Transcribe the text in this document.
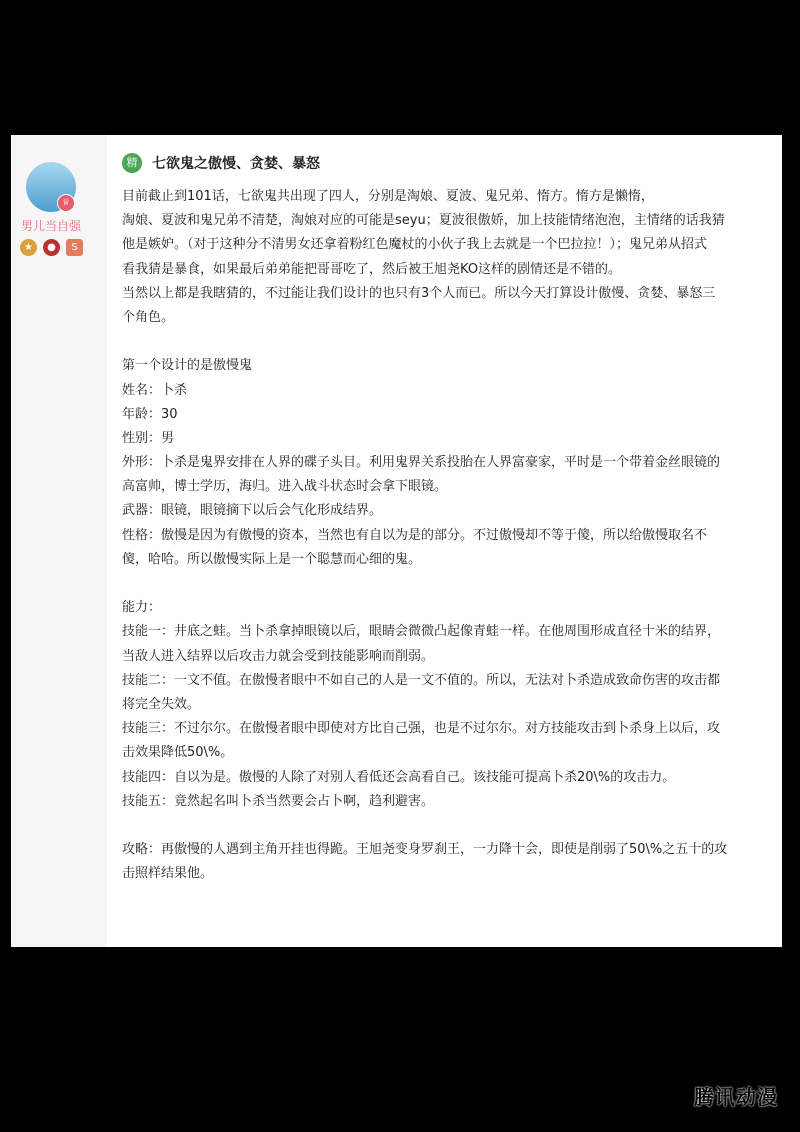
♕
男儿当自强
★	●	S
精	七欲鬼之傲慢、贪婪、暴怒
目前截止到101话，七欲鬼共出现了四人，分别是淘娘、夏波、鬼兄弟、惰方。惰方是懒惰，
淘娘、夏波和鬼兄弟不清楚，淘娘对应的可能是seyu；夏波很傲娇，加上技能情绪泡泡，主情绪的话我猜
他是嫉妒。（对于这种分不清男女还拿着粉红色魔杖的小伙子我上去就是一个巴拉拉！）；鬼兄弟从招式
看我猜是暴食，如果最后弟弟能把哥哥吃了，然后被王旭尧KO这样的剧情还是不错的。
当然以上都是我瞎猜的，不过能让我们设计的也只有3个人而已。所以今天打算设计傲慢、贪婪、暴怒三
个角色。
第一个设计的是傲慢鬼
姓名：卜杀
年龄：30
性别：男
外形：卜杀是鬼界安排在人界的碟子头目。利用鬼界关系投胎在人界富豪家，平时是一个带着金丝眼镜的
高富帅，博士学历，海归。进入战斗状态时会拿下眼镜。
武器：眼镜，眼镜摘下以后会气化形成结界。
性格：傲慢是因为有傲慢的资本，当然也有自以为是的部分。不过傲慢却不等于傻，所以给傲慢取名不
傻，哈哈。所以傲慢实际上是一个聪慧而心细的鬼。
能力：
技能一：井底之蛙。当卜杀拿掉眼镜以后，眼睛会微微凸起像青蛙一样。在他周围形成直径十米的结界，
当敌人进入结界以后攻击力就会受到技能影响而削弱。
技能二：一文不值。在傲慢者眼中不如自己的人是一文不值的。所以，无法对卜杀造成致命伤害的攻击都
将完全失效。
技能三：不过尔尔。在傲慢者眼中即使对方比自己强，也是不过尔尔。对方技能攻击到卜杀身上以后，攻
击效果降低50\%。
技能四：自以为是。傲慢的人除了对别人看低还会高看自己。该技能可提高卜杀20\%的攻击力。
技能五：竟然起名叫卜杀当然要会占卜啊，趋利避害。
攻略：再傲慢的人遇到主角开挂也得跪。王旭尧变身罗刹王，一力降十会，即使是削弱了50\%之五十的攻
击照样结果他。
腾讯动漫
